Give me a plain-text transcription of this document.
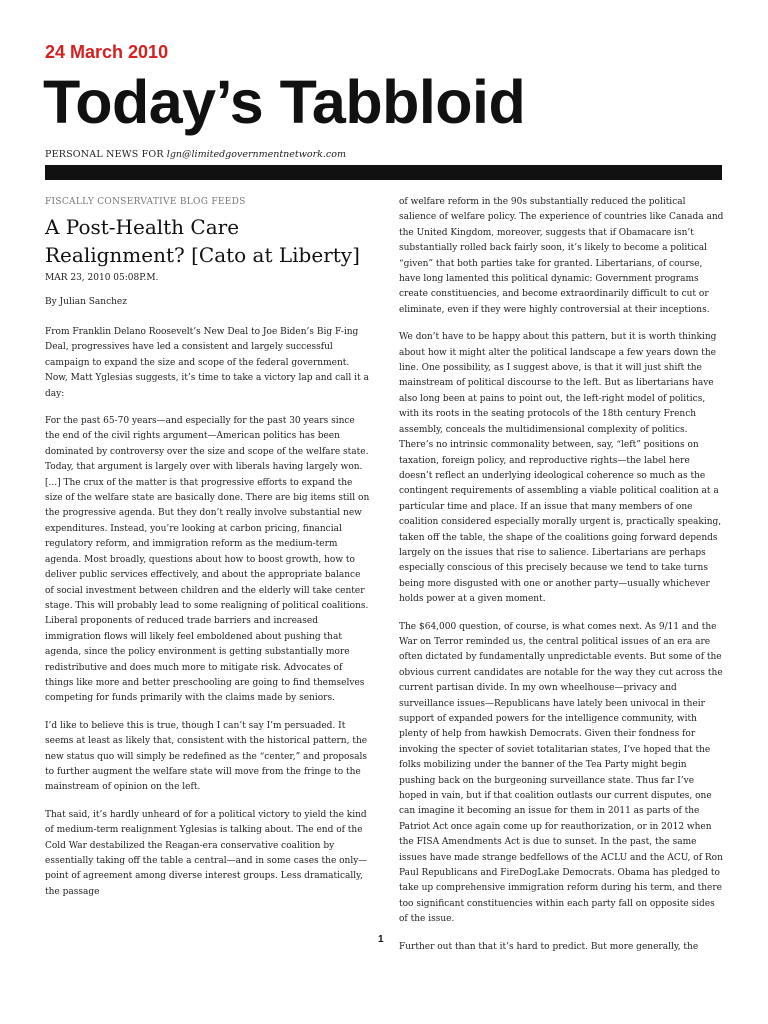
24 March 2010
Today’s Tabbloid
PERSONAL NEWS FOR lgn@limitedgovernmentnetwork.com
FISCALLY CONSERVATIVE BLOG FEEDS
A Post-Health Care Realignment? [Cato at Liberty]
MAR 23, 2010 05:08P.M.
By Julian Sanchez

From Franklin Delano Roosevelt’s New Deal to Joe Biden’s Big F-ing Deal, progressives have led a consistent and largely successful campaign to expand the size and scope of the federal government. Now, Matt Yglesias suggests, it’s time to take a victory lap and call it a day:

For the past 65-70 years—and especially for the past 30 years since the end of the civil rights argument—American politics has been dominated by controversy over the size and scope of the welfare state. Today, that argument is largely over with liberals having largely won. [...] The crux of the matter is that progressive efforts to expand the size of the welfare state are basically done. There are big items still on the progressive agenda. But they don’t really involve substantial new expenditures. Instead, you’re looking at carbon pricing, financial regulatory reform, and immigration reform as the medium-term agenda. Most broadly, questions about how to boost growth, how to deliver public services effectively, and about the appropriate balance of social investment between children and the elderly will take center stage. This will probably lead to some realigning of political coalitions. Liberal proponents of reduced trade barriers and increased immigration flows will likely feel emboldened about pushing that agenda, since the policy environment is getting substantially more redistributive and does much more to mitigate risk. Advocates of things like more and better preschooling are going to find themselves competing for funds primarily with the claims made by seniors.

I’d like to believe this is true, though I can’t say I’m persuaded. It seems at least as likely that, consistent with the historical pattern, the new status quo will simply be redefined as the “center,” and proposals to further augment the welfare state will move from the fringe to the mainstream of opinion on the left.

That said, it’s hardly unheard of for a political victory to yield the kind of medium-term realignment Yglesias is talking about. The end of the Cold War destabilized the Reagan-era conservative coalition by essentially taking off the table a central—and in some cases the only—point of agreement among diverse interest groups. Less dramatically, the passage

of welfare reform in the 90s substantially reduced the political salience of welfare policy. The experience of countries like Canada and the United Kingdom, moreover, suggests that if Obamacare isn’t substantially rolled back fairly soon, it’s likely to become a political “given” that both parties take for granted. Libertarians, of course, have long lamented this political dynamic: Government programs create constituencies, and become extraordinarily difficult to cut or eliminate, even if they were highly controversial at their inceptions.

We don’t have to be happy about this pattern, but it is worth thinking about how it might alter the political landscape a few years down the line. One possibility, as I suggest above, is that it will just shift the mainstream of political discourse to the left. But as libertarians have also long been at pains to point out, the left-right model of politics, with its roots in the seating protocols of the 18th century French assembly, conceals the multidimensional complexity of politics. There’s no intrinsic commonality between, say, “left” positions on taxation, foreign policy, and reproductive rights—the label here doesn’t reflect an underlying ideological coherence so much as the contingent requirements of assembling a viable political coalition at a particular time and place. If an issue that many members of one coalition considered especially morally urgent is, practically speaking, taken off the table, the shape of the coalitions going forward depends largely on the issues that rise to salience. Libertarians are perhaps especially conscious of this precisely because we tend to take turns being more disgusted with one or another party—usually whichever holds power at a given moment.

The $64,000 question, of course, is what comes next. As 9/11 and the War on Terror reminded us, the central political issues of an era are often dictated by fundamentally unpredictable events. But some of the obvious current candidates are notable for the way they cut across the current partisan divide. In my own wheelhouse—privacy and surveillance issues—Republicans have lately been univocal in their support of expanded powers for the intelligence community, with plenty of help from hawkish Democrats. Given their fondness for invoking the specter of soviet totalitarian states, I’ve hoped that the folks mobilizing under the banner of the Tea Party might begin pushing back on the burgeoning surveillance state. Thus far I’ve hoped in vain, but if that coalition outlasts our current disputes, one can imagine it becoming an issue for them in 2011 as parts of the Patriot Act once again come up for reauthorization, or in 2012 when the FISA Amendments Act is due to sunset. In the past, the same issues have made strange bedfellows of the ACLU and the ACU, of Ron Paul Republicans and FireDogLake Democrats. Obama has pledged to take up comprehensive immigration reform during his term, and there too significant constituencies within each party fall on opposite sides of the issue.

Further out than that it’s hard to predict. But more generally, the

1
